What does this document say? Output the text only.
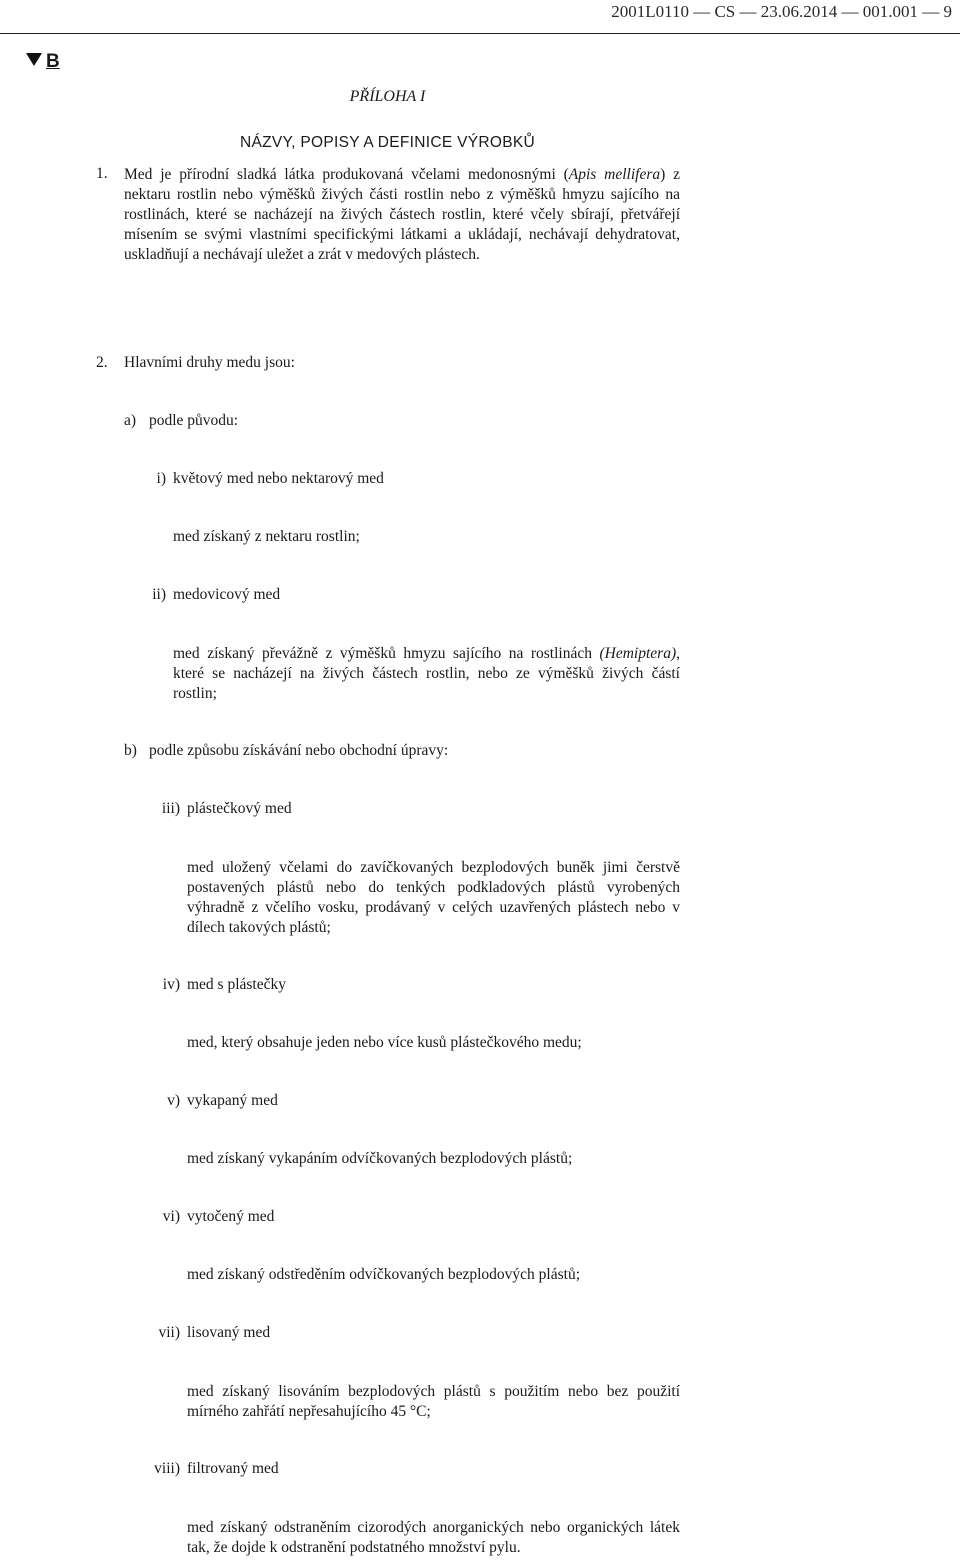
2001L0110 — CS — 23.06.2014 — 001.001 — 9
B
PŘÍLOHA I
NÁZVY, POPISY A DEFINICE VÝROBKŮ
1. Med je přírodní sladká látka produkovaná včelami medonosnými (Apis mellifera) z nektaru rostlin nebo výměšků živých části rostlin nebo z výměšků hmyzu sajícího na rostlinách, které se nacházejí na živých částech rostlin, které včely sbírají, přetvářejí mísením se svými vlastními specifickými látkami a ukládají, nechávají dehydratovat, uskladňují a nechávají uležet a zrát v medových plástech.
2. Hlavními druhy medu jsou:
a) podle původu:
i) květový med nebo nektarový med
med získaný z nektaru rostlin;
ii) medovicový med
med získaný převážně z výměšků hmyzu sajícího na rostlinách (Hemiptera), které se nacházejí na živých částech rostlin, nebo ze výměšků živých částí rostlin;
b) podle způsobu získávání nebo obchodní úpravy:
iii) plástečkový med
med uložený včelami do zavíčkovaných bezplodových buněk jimi čerstvě postavených plástů nebo do tenkých podkladových plástů vyrobených výhradně z včelího vosku, prodávaný v celých uzavřených plástech nebo v dílech takových plástů;
iv) med s plástečky
med, který obsahuje jeden nebo více kusů plástečkového medu;
v) vykapaný med
med získaný vykapáním odvíčkovaných bezplodových plástů;
vi) vytočený med
med získaný odstředěním odvíčkovaných bezplodových plástů;
vii) lisovaný med
med získaný lisováním bezplodových plástů s použitím nebo bez použití mírného zahřátí nepřesahujícího 45 °C;
viii) filtrovaný med
med získaný odstraněním cizorodých anorganických nebo organických látek tak, že dojde k odstranění podstatného množství pylu.
